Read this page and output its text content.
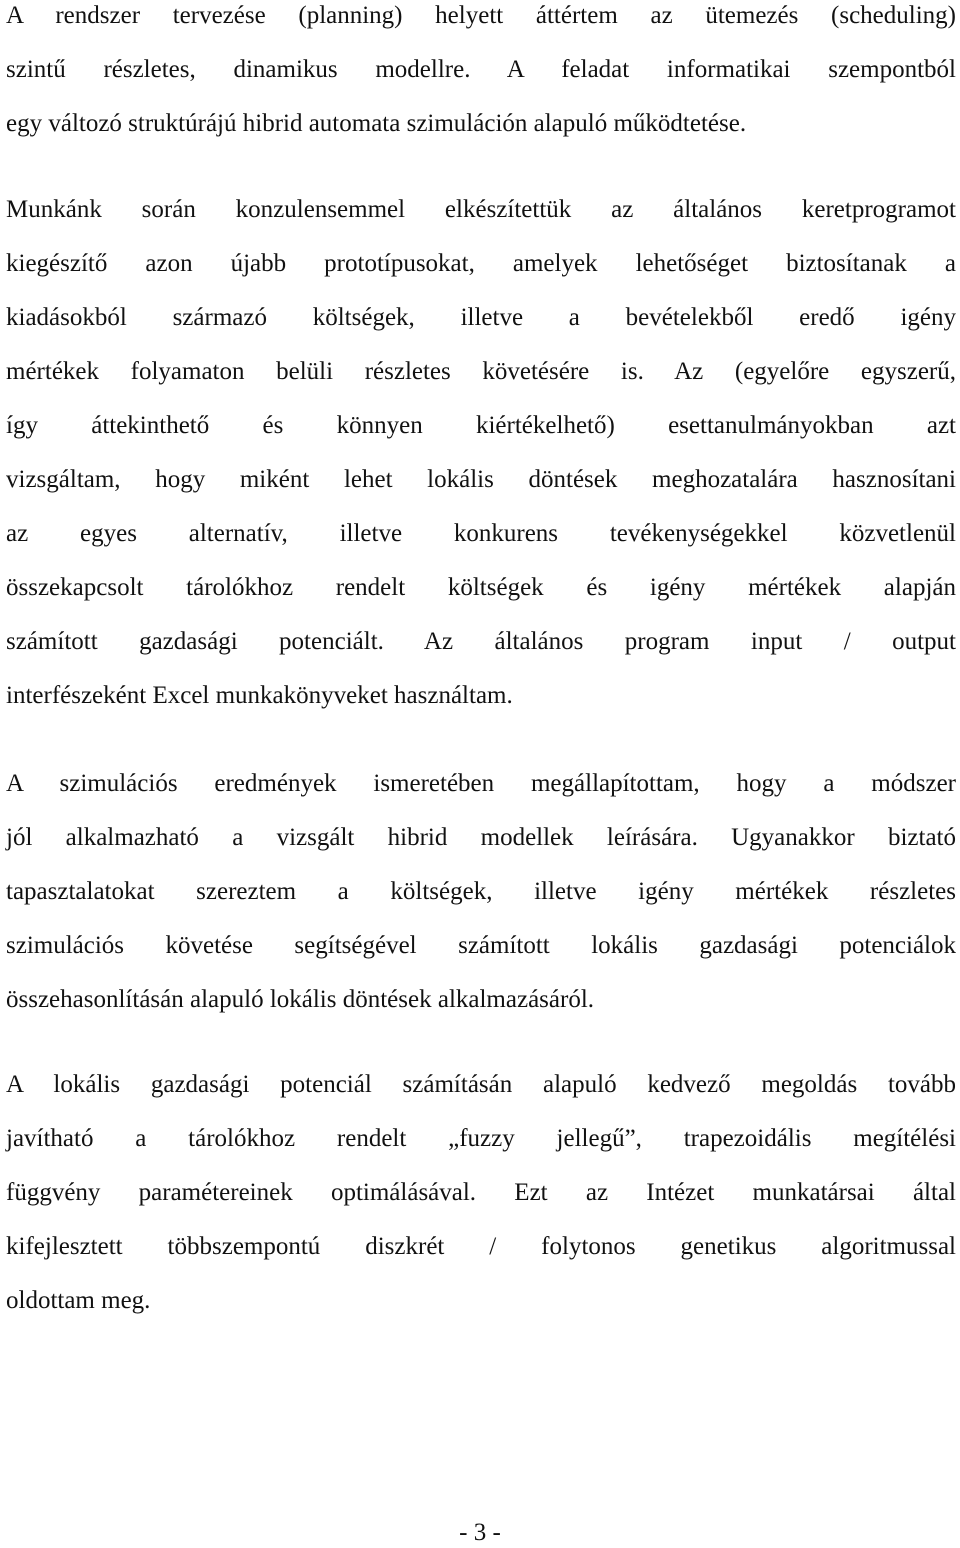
A rendszer tervezése (planning) helyett áttértem az ütemezés (scheduling)
szintű részletes, dinamikus modellre. A feladat informatikai szempontból
egy változó struktúrájú hibrid automata szimuláción alapuló működtetése.
Munkánk során konzulensemmel elkészítettük az általános keretprogramot
kiegészítő azon újabb prototípusokat, amelyek lehetőséget biztosítanak a
kiadásokból származó költségek, illetve a bevételekből eredő igény
mértékek folyamaton belüli részletes követésére is. Az (egyelőre egyszerű,
így áttekinthető és könnyen kiértékelhető) esettanulmányokban azt
vizsgáltam, hogy miként lehet lokális döntések meghozatalára hasznosítani
az egyes alternatív, illetve konkurens tevékenységekkel közvetlenül
összekapcsolt tárolókhoz rendelt költségek és igény mértékek alapján
számított gazdasági potenciált. Az általános program input / output
interfészeként Excel munkakönyveket használtam.
A szimulációs eredmények ismeretében megállapítottam, hogy a módszer
jól alkalmazható a vizsgált hibrid modellek leírására. Ugyanakkor biztató
tapasztalatokat szereztem a költségek, illetve igény mértékek részletes
szimulációs követése segítségével számított lokális gazdasági potenciálok
összehasonlításán alapuló lokális döntések alkalmazásáról.
A lokális gazdasági potenciál számításán alapuló kedvező megoldás tovább
javítható a tárolókhoz rendelt „fuzzy jellegű”, trapezoidális megítélési
függvény paramétereinek optimálásával. Ezt az Intézet munkatársai által
kifejlesztett többszempontú diszkrét / folytonos genetikus algoritmussal
oldottam meg.
- 3 -
